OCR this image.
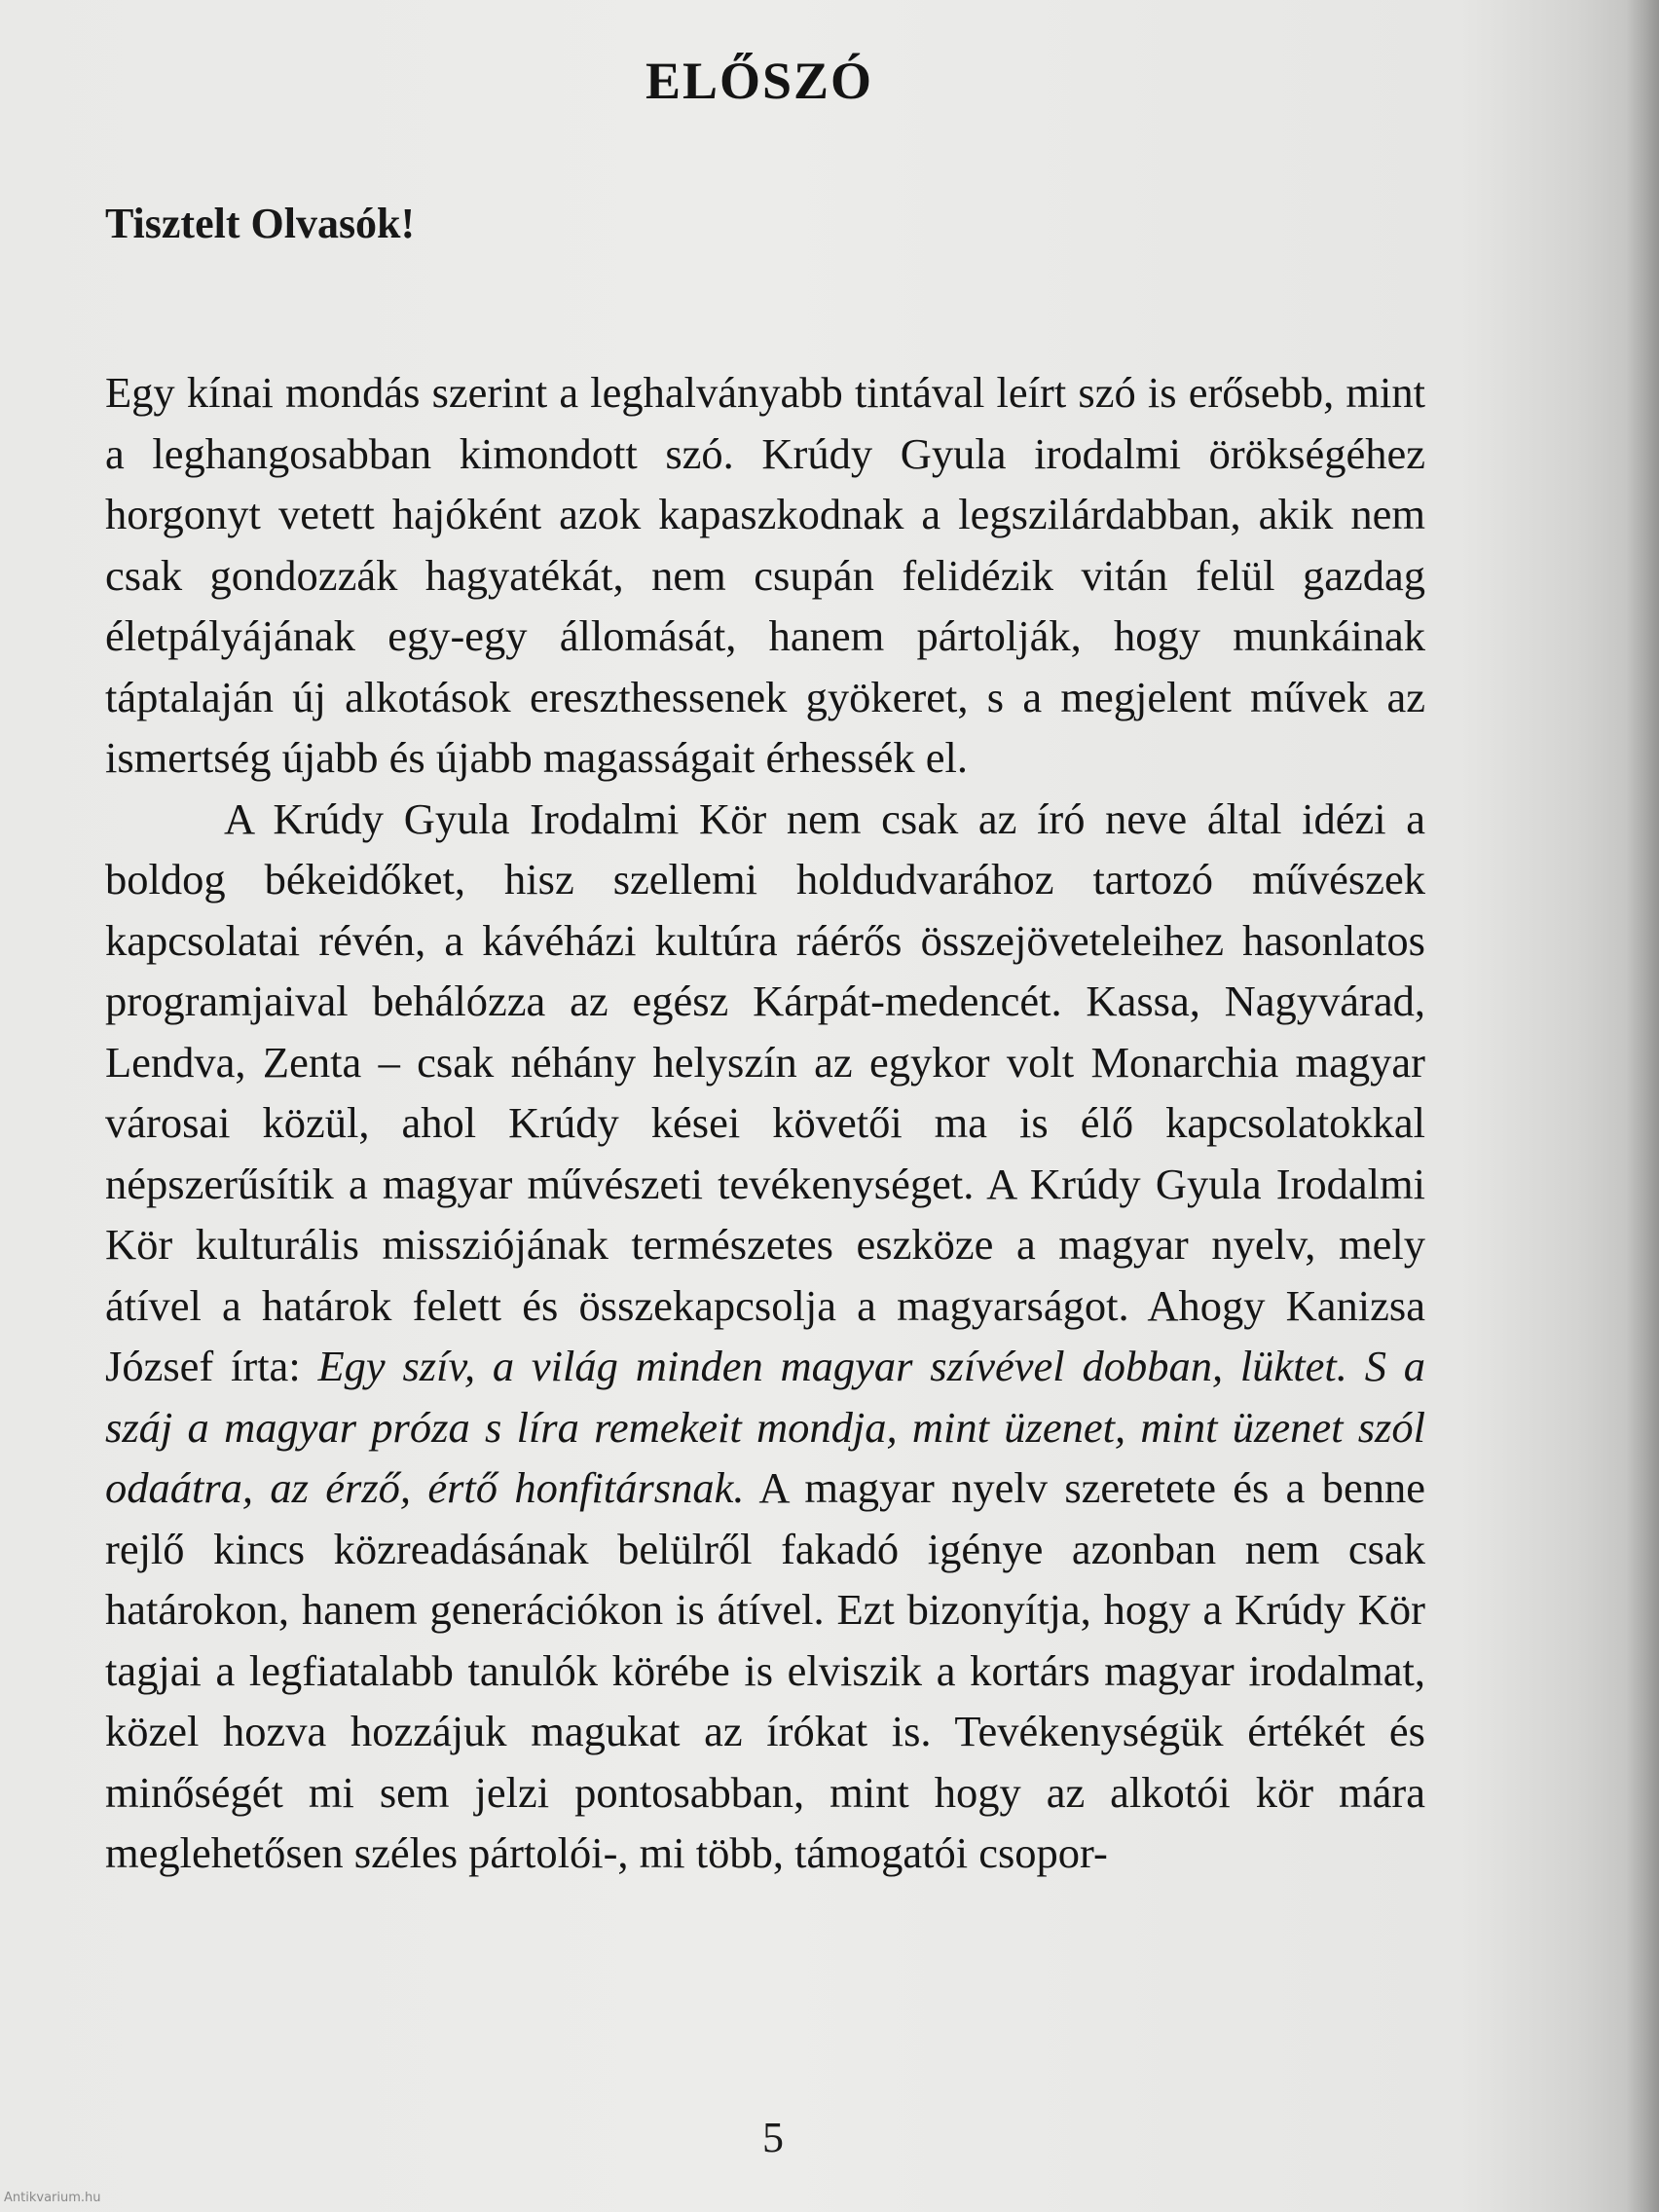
ELŐSZÓ
Tisztelt Olvasók!

Egy kínai mondás szerint a leghalványabb tintával leírt szó is erősebb, mint a leghangosabban kimondott szó. Krúdy Gyula irodalmi örökségéhez horgonyt vetett hajóként azok kapaszkodnak a legszilárdabban, akik nem csak gondozzák hagyatékát, nem csupán felidézik vitán felül gazdag életpályájának egy-egy állomását, hanem pártolják, hogy munkáinak táptalaján új alkotások ereszthessenek gyökeret, s a megjelent művek az ismertség újabb és újabb magasságait érhessék el.

A Krúdy Gyula Irodalmi Kör nem csak az író neve által idézi a boldog békeidőket, hisz szellemi holdudvarához tartozó művészek kapcsolatai révén, a kávéházi kultúra ráérős összejöveteleihez hasonlatos programjaival behálózza az egész Kárpát-medencét. Kassa, Nagyvárad, Lendva, Zenta – csak néhány helyszín az egykor volt Monarchia magyar városai közül, ahol Krúdy kései követői ma is élő kapcsolatokkal népszerűsítik a magyar művészeti tevékenységet. A Krúdy Gyula Irodalmi Kör kulturális missziójának természetes eszköze a magyar nyelv, mely átível a határok felett és összekapcsolja a magyarságot. Ahogy Kanizsa József írta: Egy szív, a világ minden magyar szívével dobban, lüktet. S a száj a magyar próza s líra remekeit mondja, mint üzenet, mint üzenet szól odaátra, az érző, értő honfitársnak. A magyar nyelv szeretete és a benne rejlő kincs közreadásának belülről fakadó igénye azonban nem csak határokon, hanem generációkon is átível. Ezt bizonyítja, hogy a Krúdy Kör tagjai a legfiatalabb tanulók körébe is elviszik a kortárs magyar irodalmat, közel hozva hozzájuk magukat az írókat is. Tevékenységük értékét és minőségét mi sem jelzi pontosabban, mint hogy az alkotói kör mára meglehetősen széles pártolói-, mi több, támogatói csopor-

5
Antikvarium.hu
